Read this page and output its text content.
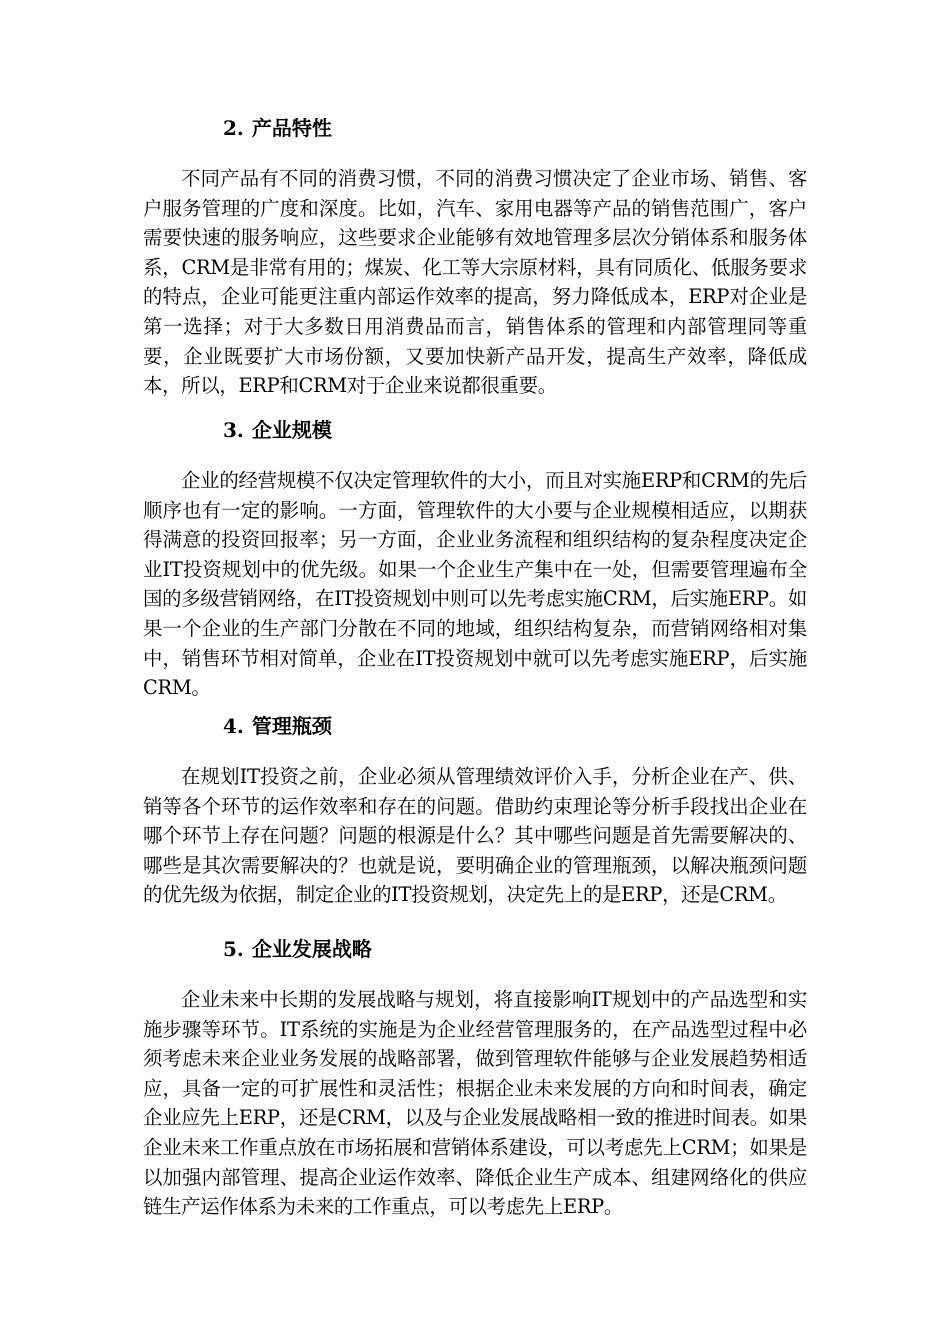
2. 产品特性

不同产品有不同的消费习惯，不同的消费习惯决定了企业市场、销售、客户服务管理的广度和深度。比如，汽车、家用电器等产品的销售范围广，客户需要快速的服务响应，这些要求企业能够有效地管理多层次分销体系和服务体系，CRM是非常有用的；煤炭、化工等大宗原材料，具有同质化、低服务要求的特点，企业可能更注重内部运作效率的提高，努力降低成本，ERP对企业是第一选择；对于大多数日用消费品而言，销售体系的管理和内部管理同等重要，企业既要扩大市场份额，又要加快新产品开发，提高生产效率，降低成本，所以，ERP和CRM对于企业来说都很重要。

3. 企业规模

企业的经营规模不仅决定管理软件的大小，而且对实施ERP和CRM的先后顺序也有一定的影响。一方面，管理软件的大小要与企业规模相适应，以期获得满意的投资回报率；另一方面，企业业务流程和组织结构的复杂程度决定企业IT投资规划中的优先级。如果一个企业生产集中在一处，但需要管理遍布全国的多级营销网络，在IT投资规划中则可以先考虑实施CRM，后实施ERP。如果一个企业的生产部门分散在不同的地域，组织结构复杂，而营销网络相对集中，销售环节相对简单，企业在IT投资规划中就可以先考虑实施ERP，后实施CRM。

4. 管理瓶颈

在规划IT投资之前，企业必须从管理绩效评价入手，分析企业在产、供、销等各个环节的运作效率和存在的问题。借助约束理论等分析手段找出企业在哪个环节上存在问题？问题的根源是什么？其中哪些问题是首先需要解决的、哪些是其次需要解决的？也就是说，要明确企业的管理瓶颈，以解决瓶颈问题的优先级为依据，制定企业的IT投资规划，决定先上的是ERP，还是CRM。

5. 企业发展战略

企业未来中长期的发展战略与规划，将直接影响IT规划中的产品选型和实施步骤等环节。IT系统的实施是为企业经营管理服务的，在产品选型过程中必须考虑未来企业业务发展的战略部署，做到管理软件能够与企业发展趋势相适应，具备一定的可扩展性和灵活性；根据企业未来发展的方向和时间表，确定企业应先上ERP，还是CRM，以及与企业发展战略相一致的推进时间表。如果企业未来工作重点放在市场拓展和营销体系建设，可以考虑先上CRM；如果是以加强内部管理、提高企业运作效率、降低企业生产成本、组建网络化的供应链生产运作体系为未来的工作重点，可以考虑先上ERP。
